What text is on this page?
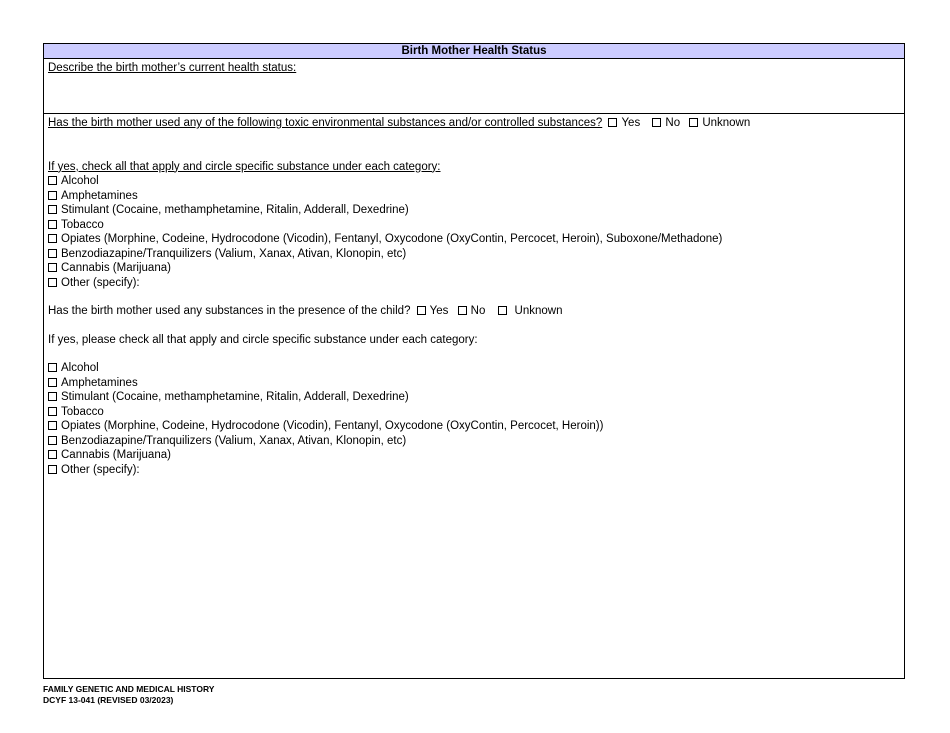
Birth Mother Health Status
Describe the birth mother’s current health status:
Has the birth mother used any of the following toxic environmental substances and/or controlled substances? Yes No Unknown
If yes, check all that apply and circle specific substance under each category:
Alcohol
Amphetamines
Stimulant (Cocaine, methamphetamine, Ritalin, Adderall, Dexedrine)
Tobacco
Opiates (Morphine, Codeine, Hydrocodone (Vicodin), Fentanyl, Oxycodone (OxyContin, Percocet, Heroin), Suboxone/Methadone)
Benzodiazapine/Tranquilizers (Valium, Xanax, Ativan, Klonopin, etc)
Cannabis (Marijuana)
Other (specify):
Has the birth mother used any substances in the presence of the child? Yes No	Unknown
If yes, please check all that apply and circle specific substance under each category:
Alcohol
Amphetamines
Stimulant (Cocaine, methamphetamine, Ritalin, Adderall, Dexedrine)
Tobacco
Opiates (Morphine, Codeine, Hydrocodone (Vicodin), Fentanyl, Oxycodone (OxyContin, Percocet, Heroin))
Benzodiazapine/Tranquilizers (Valium, Xanax, Ativan, Klonopin, etc)
Cannabis (Marijuana)
Other (specify):
FAMILY GENETIC AND MEDICAL HISTORY
DCYF 13-041 (REVISED 03/2023)
